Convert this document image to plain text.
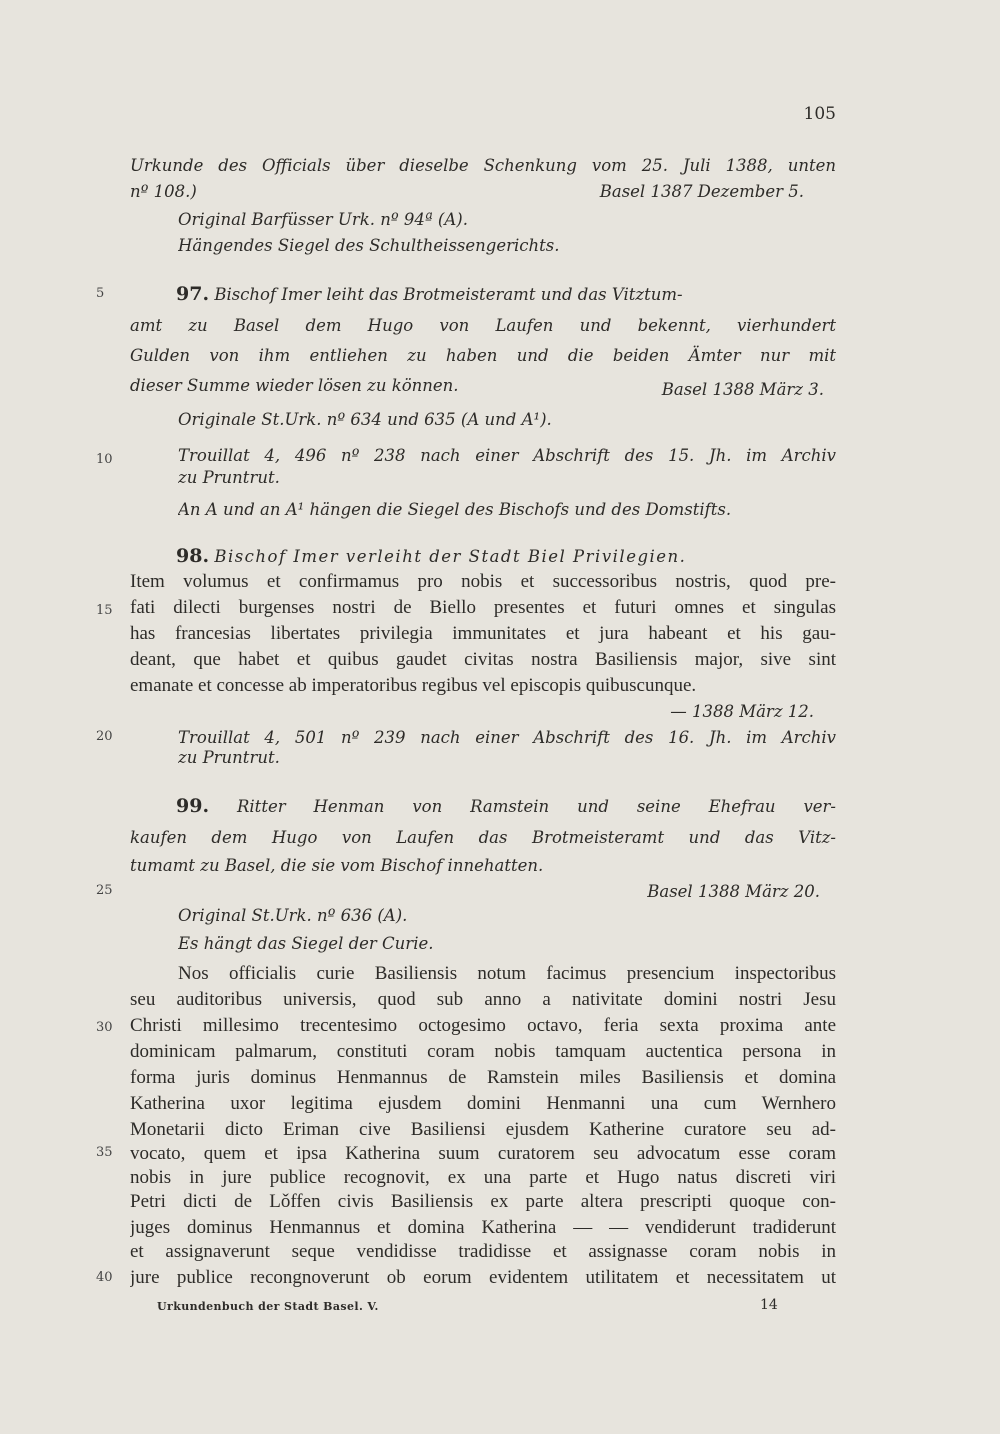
105
5
10
15
20
25
30
35
40
Urkunde des Officials über dieselbe Schenkung vom 25. Juli 1388, unten
nº 108.)	Basel 1387 Dezember 5.
Original Barfüsser Urk. nº 94ª (A).
Hängendes Siegel des Schultheissengerichts.
97. Bischof Imer leiht das Brotmeisteramt und das Vitztum-
amt zu Basel dem Hugo von Laufen und bekennt, vierhundert
Gulden von ihm entliehen zu haben und die beiden Ämter nur mit
dieser Summe wieder lösen zu können.	Basel 1388 März 3.
Originale St.Urk. nº 634 und 635 (A und A¹).
Trouillat 4, 496 nº 238 nach einer Abschrift des 15. Jh. im Archiv
zu Pruntrut.
An A und an A¹ hängen die Siegel des Bischofs und des Domstifts.
98. Bischof Imer verleiht der Stadt Biel Privilegien.
Item volumus et confirmamus pro nobis et successoribus nostris, quod pre-
fati dilecti burgenses nostri de Biello presentes et futuri omnes et singulas
has francesias libertates privilegia immunitates et jura habeant et his gau-
deant, que habet et quibus gaudet civitas nostra Basiliensis major, sive sint
emanate et concesse ab imperatoribus regibus vel episcopis quibuscunque.
— 1388 März 12.
Trouillat 4, 501 nº 239 nach einer Abschrift des 16. Jh. im Archiv
zu Pruntrut.
99. Ritter Henman von Ramstein und seine Ehefrau ver-
kaufen dem Hugo von Laufen das Brotmeisteramt und das Vitz-
tumamt zu Basel, die sie vom Bischof innehatten.
Basel 1388 März 20.
Original St.Urk. nº 636 (A).
Es hängt das Siegel der Curie.
Nos officialis curie Basiliensis notum facimus presencium inspectoribus
seu auditoribus universis, quod sub anno a nativitate domini nostri Jesu
Christi millesimo trecentesimo octogesimo octavo, feria sexta proxima ante
dominicam palmarum, constituti coram nobis tamquam auctentica persona in
forma juris dominus Henmannus de Ramstein miles Basiliensis et domina
Katherina uxor legitima ejusdem domini Henmanni una cum Wernhero
Monetarii dicto Eriman cive Basiliensi ejusdem Katherine curatore seu ad-
vocato, quem et ipsa Katherina suum curatorem seu advocatum esse coram
nobis in jure publice recognovit, ex una parte et Hugo natus discreti viri
Petri dicti de Lǒffen civis Basiliensis ex parte altera prescripti quoque con-
juges dominus Henmannus et domina Katherina — — vendiderunt tradiderunt
et assignaverunt seque vendidisse tradidisse et assignasse coram nobis in
jure publice recongnoverunt ob eorum evidentem utilitatem et necessitatem ut
Urkundenbuch der Stadt Basel. V.	14
